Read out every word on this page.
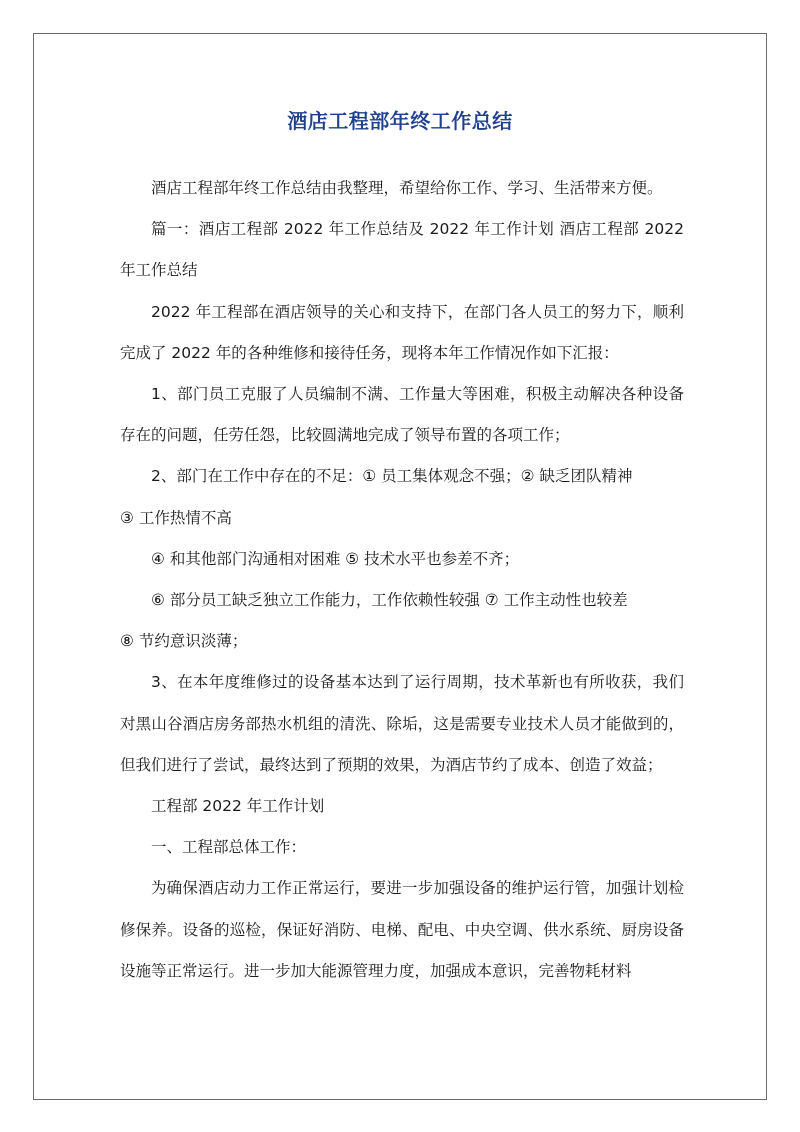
酒店工程部年终工作总结

酒店工程部年终工作总结由我整理，希望给你工作、学习、生活带来方便。

篇一：酒店工程部 2022 年工作总结及 2022 年工作计划 酒店工程部 2022 年工作总结

2022 年工程部在酒店领导的关心和支持下，在部门各人员工的努力下，顺利完成了 2022 年的各种维修和接待任务，现将本年工作情况作如下汇报：

1、部门员工克服了人员编制不满、工作量大等困难，积极主动解决各种设备存在的问题，任劳任怨，比较圆满地完成了领导布置的各项工作；

2、部门在工作中存在的不足：① 员工集体观念不强；② 缺乏团队精神

③ 工作热情不高

④ 和其他部门沟通相对困难 ⑤ 技术水平也参差不齐；

⑥ 部分员工缺乏独立工作能力，工作依赖性较强 ⑦ 工作主动性也较差

⑧ 节约意识淡薄；

3、在本年度维修过的设备基本达到了运行周期，技术革新也有所收获，我们对黑山谷酒店房务部热水机组的清洗、除垢，这是需要专业技术人员才能做到的，但我们进行了尝试，最终达到了预期的效果，为酒店节约了成本、创造了效益；

工程部 2022 年工作计划

一、工程部总体工作：

为确保酒店动力工作正常运行，要进一步加强设备的维护运行管，加强计划检修保养。设备的巡检，保证好消防、电梯、配电、中央空调、供水系统、厨房设备设施等正常运行。进一步加大能源管理力度，加强成本意识，完善物耗材料
